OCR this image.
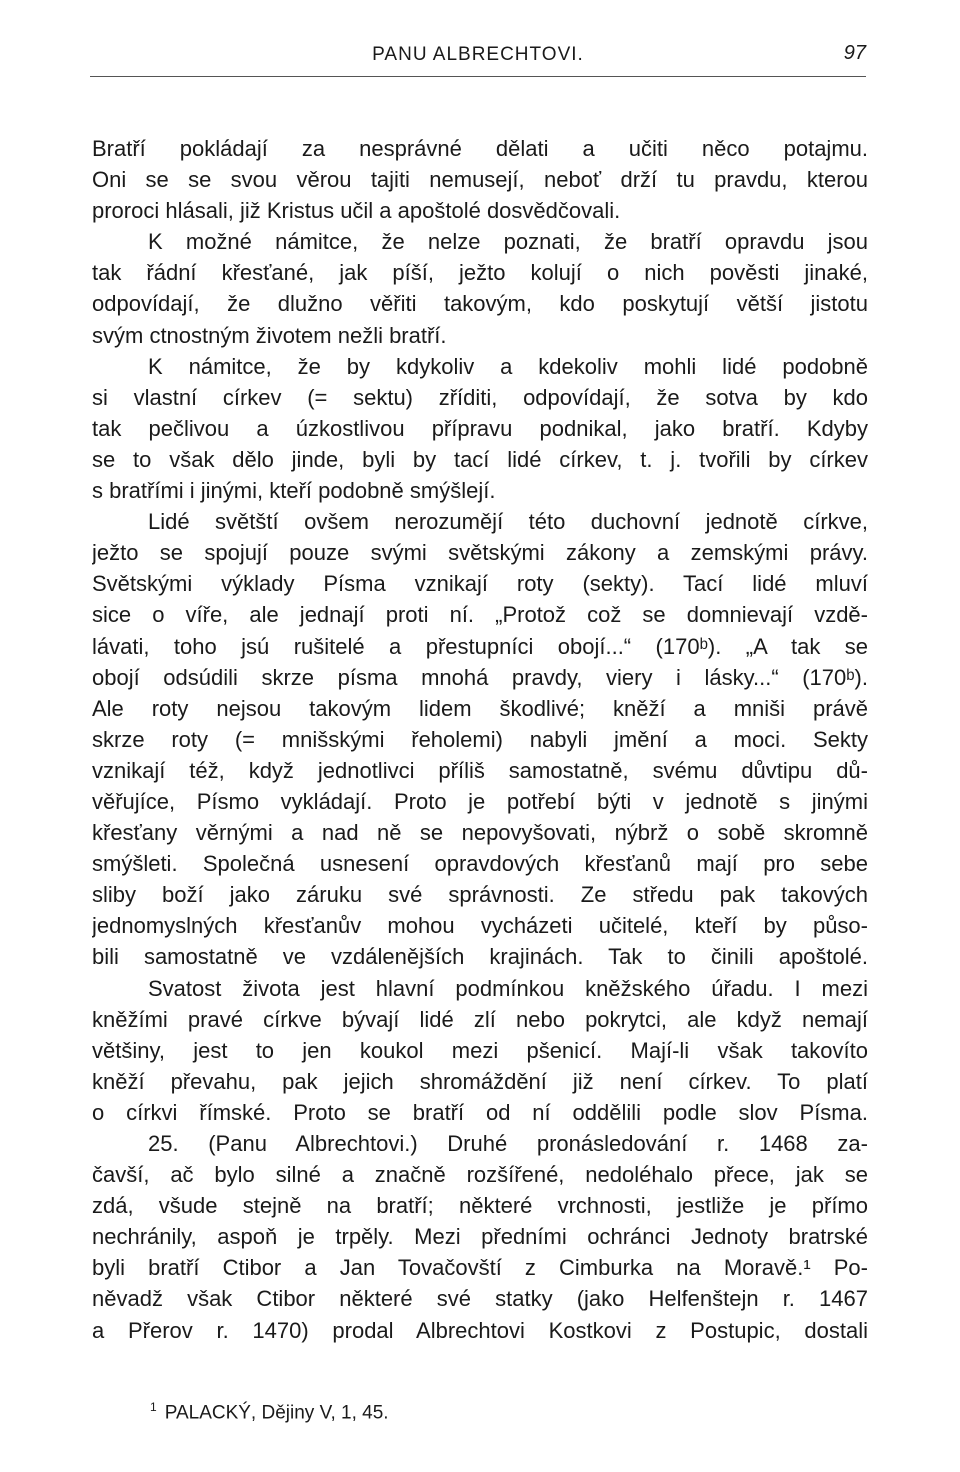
PANU ALBRECHTOVI.	97
Bratří pokládají za nesprávné dělati a učiti něco potajmu.
Oni se se svou věrou tajiti nemusejí, neboť drží tu pravdu, kterou
proroci hlásali, již Kristus učil a apoštolé dosvědčovali.
K možné námitce, že nelze poznati, že bratří opravdu jsou
tak řádní křesťané, jak píší, ježto kolují o nich pověsti jinaké,
odpovídají, že dlužno věřiti takovým, kdo poskytují větší jistotu
svým ctnostným životem nežli bratří.
K námitce, že by kdykoliv a kdekoliv mohli lidé podobně
si vlastní církev (= sektu) zříditi, odpovídají, že sotva by kdo
tak pečlivou a úzkostlivou přípravu podnikal, jako bratří. Kdyby
se to však dělo jinde, byli by tací lidé církev, t. j. tvořili by církev
s bratřími i jinými, kteří podobně smýšlejí.
Lidé světští ovšem nerozumějí této duchovní jednotě církve,
ježto se spojují pouze svými světskými zákony a zemskými právy.
Světskými výklady Písma vznikají roty (sekty). Tací lidé mluví
sice o víře, ale jednají proti ní. „Protož což se domnievají vzdě-
lávati, toho jsú rušitelé a přestupníci obojí...“ (170ᵇ). „A tak se
obojí odsúdili skrze písma mnohá pravdy, viery i lásky...“ (170ᵇ).
Ale roty nejsou takovým lidem škodlivé; kněží a mniši právě
skrze roty (= mnišskými řeholemi) nabyli jmění a moci. Sekty
vznikají též, když jednotlivci příliš samostatně, svému důvtipu dů-
věřujíce, Písmo vykládají. Proto je potřebí býti v jednotě s jinými
křesťany věrnými a nad ně se nepovyšovati, nýbrž o sobě skromně
smýšleti. Společná usnesení opravdových křesťanů mají pro sebe
sliby boží jako záruku své správnosti. Ze středu pak takových
jednomyslných křesťanův mohou vycházeti učitelé, kteří by půso-
bili samostatně ve vzdálenějších krajinách. Tak to činili apoštolé.
Svatost života jest hlavní podmínkou kněžského úřadu. I mezi
kněžími pravé církve bývají lidé zlí nebo pokrytci, ale když nemají
většiny, jest to jen koukol mezi pšenicí. Mají-li však takovíto
kněží převahu, pak jejich shromáždění již není církev. To platí
o církvi římské. Proto se bratří od ní oddělili podle slov Písma.
25. (Panu Albrechtovi.) Druhé pronásledování r. 1468 za-
čavší, ač bylo silné a značně rozšířené, nedoléhalo přece, jak se
zdá, všude stejně na bratří; některé vrchnosti, jestliže je přímo
nechránily, aspoň je trpěly. Mezi předními ochránci Jednoty bratrské
byli bratří Ctibor a Jan Tovačovští z Cimburka na Moravě.¹ Po-
něvadž však Ctibor některé své statky (jako Helfenštejn r. 1467
a Přerov r. 1470) prodal Albrechtovi Kostkovi z Postupic, dostali
$^1$ PALACKÝ, Dějiny V, 1, 45.
